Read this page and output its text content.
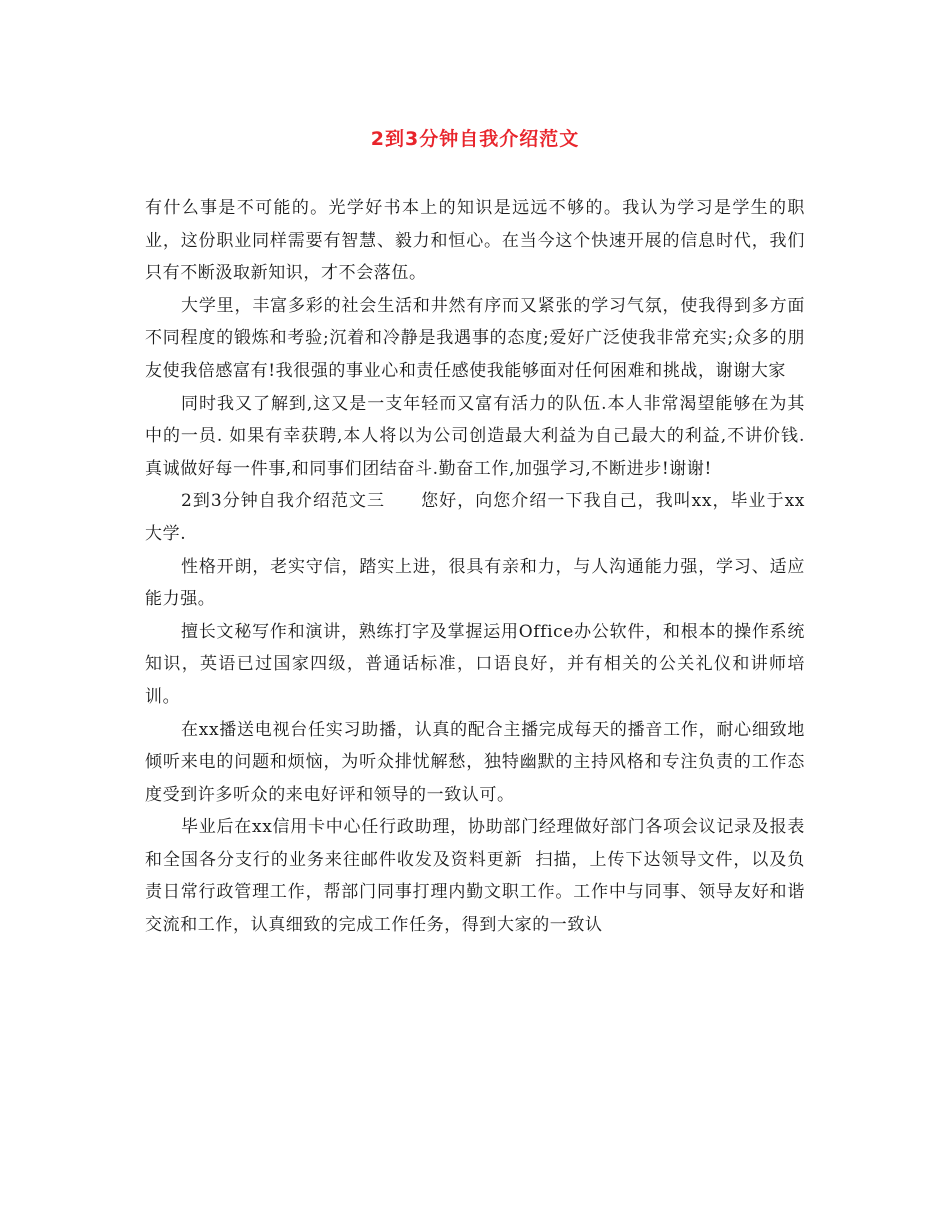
2到3分钟自我介绍范文

有什么事是不可能的。光学好书本上的知识是远远不够的。我认为学习是学生的职业，这份职业同样需要有智慧、毅力和恒心。在当今这个快速开展的信息时代，我们只有不断汲取新知识，才不会落伍。

大学里，丰富多彩的社会生活和井然有序而又紧张的学习气氛，使我得到多方面不同程度的锻炼和考验;沉着和冷静是我遇事的态度;爱好广泛使我非常充实;众多的朋友使我倍感富有!我很强的事业心和责任感使我能够面对任何困难和挑战，谢谢大家

同时我又了解到,这又是一支年轻而又富有活力的队伍.本人非常渴望能够在为其中的一员. 如果有幸获聘,本人将以为公司创造最大利益为自己最大的利益,不讲价钱.真诚做好每一件事,和同事们团结奋斗.勤奋工作,加强学习,不断进步!谢谢!

2到3分钟自我介绍范文三　　您好，向您介绍一下我自己，我叫xx，毕业于xx大学.

性格开朗，老实守信，踏实上进，很具有亲和力，与人沟通能力强，学习、适应能力强。

擅长文秘写作和演讲，熟练打字及掌握运用Office办公软件，和根本的操作系统知识，英语已过国家四级，普通话标准，口语良好，并有相关的公关礼仪和讲师培训。

在xx播送电视台任实习助播，认真的配合主播完成每天的播音工作，耐心细致地倾听来电的问题和烦恼，为听众排忧解愁，独特幽默的主持风格和专注负责的工作态度受到许多听众的来电好评和领导的一致认可。

毕业后在xx信用卡中心任行政助理，协助部门经理做好部门各项会议记录及报表和全国各分支行的业务来往邮件收发及资料更新  扫描，上传下达领导文件，以及负责日常行政管理工作，帮部门同事打理内勤文职工作。工作中与同事、领导友好和谐交流和工作，认真细致的完成工作任务，得到大家的一致认
